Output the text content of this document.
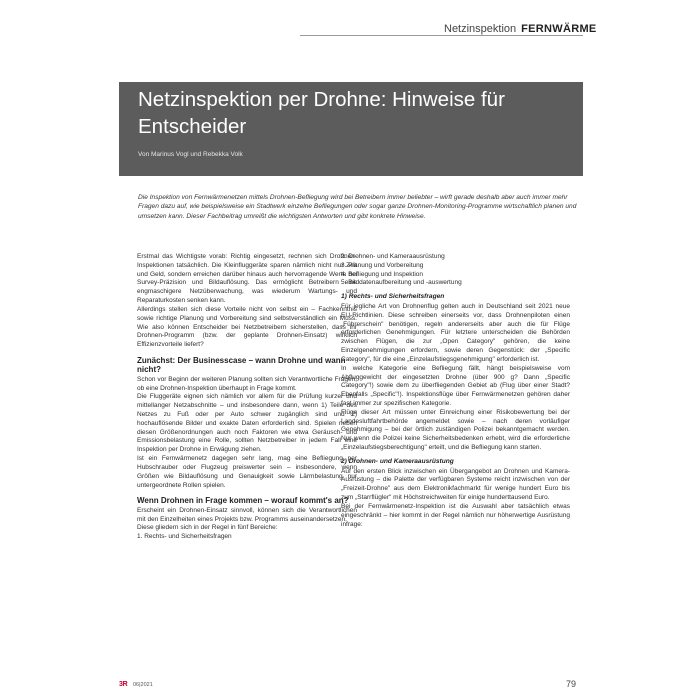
Netzinspektion FERNWÄRME
Netzinspektion per Drohne: Hinweise für Entscheider
Von Marinus Vogl und Rebekka Volk

Die Inspektion von Fernwärmenetzen mittels Drohnen-Befliegung wird bei Betreibern immer beliebter – wirft gerade deshalb aber auch immer mehr Fragen dazu auf, wie beispielsweise ein Stadtwerk einzelne Befliegungen oder sogar ganze Drohnen-Monitoring-Programme wirtschaftlich planen und umsetzen kann. Dieser Fachbeitrag umreißt die wichtigsten Antworten und gibt konkrete Hinweise.

Erstmal das Wichtigste vorab: Richtig eingesetzt, rechnen sich Drohnen-Inspektionen tatsächlich. Die Kleinfluggeräte sparen nämlich nicht nur Zeit und Geld, sondern erreichen darüber hinaus auch hervorragende Werte bei Survey-Präzision und Bildauflösung. Das ermöglicht Betreibern eine engmaschigere Netzüberwachung, was wiederum Wartungs- und Reparaturkosten senken kann.

Allerdings stellen sich diese Vorteile nicht von selbst ein – Fachkenntnis sowie richtige Planung und Vorbereitung sind selbstverständlich ein Muss. Wie also können Entscheider bei Netzbetreibern sicherstellen, dass ihr Drohnen-Programm (bzw. der geplante Drohnen-Einsatz) wirklich Effizienzvorteile liefert?

Zunächst: Der Businesscase – wann Drohne und wann nicht?

Schon vor Beginn der weiteren Planung sollten sich Verantwortliche Fragen, ob eine Drohnen-Inspektion überhaupt in Frage kommt.

Die Fluggeräte eignen sich nämlich vor allem für die Prüfung kurzer und mittellanger Netzabschnitte – und insbesondere dann, wenn 1) Teile des Netzes zu Fuß oder per Auto schwer zugänglich sind und 2) hochauflösende Bilder und exakte Daten erforderlich sind. Spielen neben diesen Größenordnungen auch noch Faktoren wie etwa Geräusch- und Emissionsbelastung eine Rolle, sollten Netzbetreiber in jedem Fall eine Inspektion per Drohne in Erwägung ziehen.

Ist ein Fernwärmenetz dagegen sehr lang, mag eine Befliegung per Hubschrauber oder Flugzeug preiswerter sein – insbesondere, wenn Größen wie Bildauflösung und Genauigkeit sowie Lärmbelastung nur untergeordnete Rollen spielen.

Wenn Drohnen in Frage kommen – worauf kommt's an?

Erscheint ein Drohnen-Einsatz sinnvoll, können sich die Verantwortlichen mit den Einzelheiten eines Projekts bzw. Programms auseinandersetzen.

Diese gliedern sich in der Regel in fünf Bereiche:

1. Rechts- und Sicherheitsfragen
2. Drohnen- und Kameraausrüstung
3. Planung und Vorbereitung
4. Befliegung und Inspektion
5. Bilddatenaufbereitung und -auswertung
1) Rechts- und Sicherheitsfragen

Für jegliche Art von Drohnenflug gelten auch in Deutschland seit 2021 neue EU-Richtlinien. Diese schreiben einerseits vor, dass Drohnenpiloten einen „Führerschein" benötigen, regeln andererseits aber auch die für Flüge erforderlichen Genehmigungen. Für letztere unterscheiden die Behörden zwischen Flügen, die zur „Open Category" gehören, die keine Einzelgenehmigungen erfordern, sowie deren Gegenstück: der „Specific Category", für die eine „Einzelaufstiegsgenehmigung" erforderlich ist.

In welche Kategorie eine Befliegung fällt, hängt beispielsweise vom Abfluggewicht der eingesetzten Drohne (über 900 g? Dann „Specific Category"!) sowie dem zu überfliegenden Gebiet ab (Flug über einer Stadt? Ebenfalls „Specific"!). Inspektionsflüge über Fernwärmenetzen gehören daher fast immer zur spezifischen Kategorie.

Flüge dieser Art müssen unter Einreichung einer Risikobewertung bei der Landesluftfahrtbehörde angemeldet sowie – nach deren vorläufiger Genehmigung – bei der örtlich zuständigen Polizei bekanntgemacht werden. Nur wenn die Polizei keine Sicherheitsbedenken erhebt, wird die erforderliche „Einzelaufstiegsberechtigung" erteilt, und die Befliegung kann starten.

2) Drohnen- und Kameraausrüstung

Auf den ersten Blick inzwischen ein Übergangebot an Drohnen und Kamera-Ausrüstung – die Palette der verfügbaren Systeme reicht inzwischen von der „Freizeit-Drohne" aus dem Elektronikfachmarkt für wenige hundert Euro bis zum „Starrflügler" mit Höchstreichweiten für einige hunderttausend Euro.

Bei der Fernwärmenetz-Inspektion ist die Auswahl aber tatsächlich etwas eingeschränkt – hier kommt in der Regel nämlich nur höherwertige Ausrüstung infrage:

3R 06|2021	79
